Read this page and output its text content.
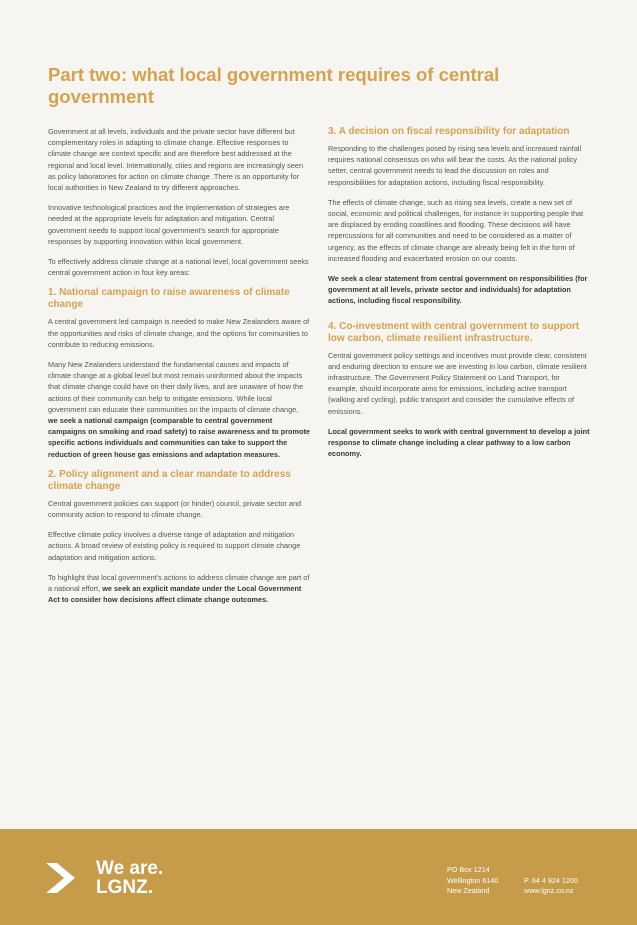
Part two: what local government requires of central government

Government at all levels, individuals and the private sector have different but complementary roles in adapting to climate change. Effective responses to climate change are context specific and are therefore best addressed at the regional and local level. Internationally, cities and regions are increasingly seen as policy laboratories for action on climate change .There is an opportunity for local authorities in New Zealand to try different approaches.

Innovative technological practices and the implementation of strategies are needed at the appropriate levels for adaptation and mitigation. Central government needs to support local government's search for appropriate responses by supporting innovation within local government.

To effectively address climate change at a national level, local government seeks central government action in four key areas:

1. National campaign to raise awareness of climate change

A central government led campaign is needed to make New Zealanders aware of the opportunities and risks of climate change, and the options for communities to contribute to reducing emissions.

Many New Zealanders understand the fundamental causes and impacts of climate change at a global level but most remain uninformed about the impacts that climate change could have on their daily lives, and are unaware of how the actions of their community can help to mitigate emissions. While local government can educate their communities on the impacts of climate change, we seek a national campaign (comparable to central government campaigns on smoking and road safety) to raise awareness and to promote specific actions individuals and communities can take to support the reduction of green house gas emissions and adaptation measures.

2. Policy alignment and a clear mandate to address climate change

Central government policies can support (or hinder) council, private sector and community action to respond to climate change.

Effective climate policy involves a diverse range of adaptation and mitigation actions. A broad review of existing policy is required to support climate change adaptation and mitigation actions.

To highlight that local government's actions to address climate change are part of a national effort, we seek an explicit mandate under the Local Government Act to consider how decisions affect climate change outcomes.

3. A decision on fiscal responsibility for adaptation

Responding to the challenges posed by rising sea levels and increased rainfall requires national consensus on who will bear the costs. As the national policy setter, central government needs to lead the discussion on roles and responsibilities for adaptation actions, including fiscal responsibility.

The effects of climate change, such as rising sea levels, create a new set of social, economic and political challenges, for instance in supporting people that are displaced by eroding coastlines and flooding. These decisions will have repercussions for all communities and need to be considered as a matter of urgency, as the effects of climate change are already being felt in the form of increased flooding and exacerbated erosion on our coasts.

We seek a clear statement from central government on responsibilities (for government at all levels, private sector and individuals) for adaptation actions, including fiscal responsibility.

4. Co-investment with central government to support low carbon, climate resilient infrastructure.

Central government policy settings and incentives must provide clear, consistent and enduring direction to ensure we are investing in low carbon, climate resilient infrastructure. The Government Policy Statement on Land Transport, for example, should incorporate aims for emissions, including active transport (walking and cycling), public transport and consider the cumulative effects of emissions.

Local government seeks to work with central government to develop a joint response to climate change including a clear pathway to a low carbon economy.

We are.
LGNZ.
PO Box 1214
Wellington 6140
New Zealand
P. 64 4 924 1200
www.lgnz.co.nz
